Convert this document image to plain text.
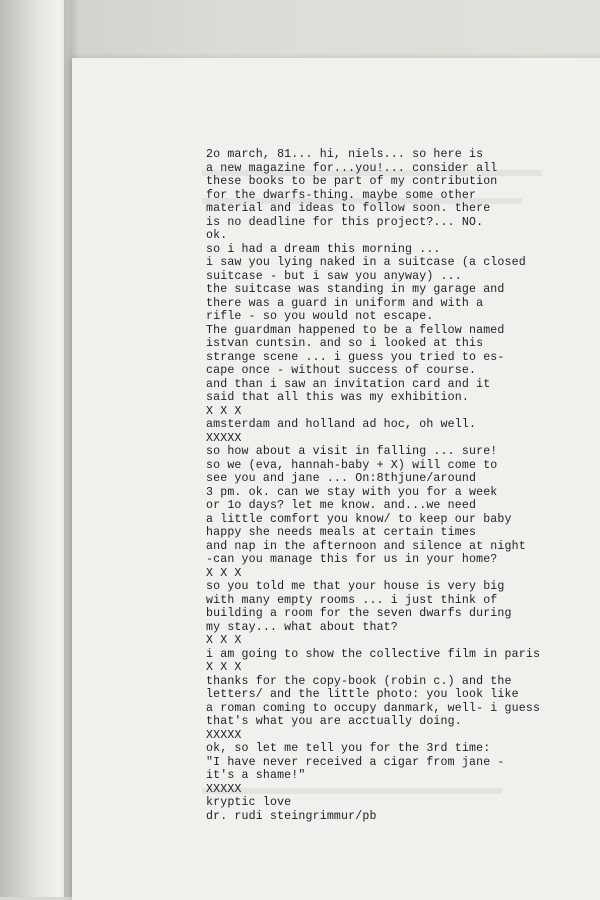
2o march, 81... hi, niels... so here is
a new magazine for...you!... consider all
these books to be part of my contribution
for the dwarfs-thing. maybe some other
material and ideas to follow soon. there
is no deadline for this project?... NO.
ok.
so i had a dream this morning ...
i saw you lying naked in a suitcase (a closed
suitcase - but i saw you anyway) ...
the suitcase was standing in my garage and
there was a guard in uniform and with a
rifle - so you would not escape.
The guardman happened to be a fellow named
istvan cuntsin. and so i looked at this
strange scene ... i guess you tried to es-
cape once - without success of course.
and than i saw an invitation card and it
said that all this was my exhibition.
X X X
amsterdam and holland ad hoc, oh well.
XXXXX
so how about a visit in falling ... sure!
so we (eva, hannah-baby + X) will come to
see you and jane ... On:8thjune/around
3 pm. ok. can we stay with you for a week
or 1o days? let me know. and...we need
a little comfort you know/ to keep our baby
happy she needs meals at certain times
and nap in the afternoon and silence at night
-can you manage this for us in your home?
X X X
so you told me that your house is very big
with many empty rooms ... i just think of
building a room for the seven dwarfs during
my stay... what about that?
X X X
i am going to show the collective film in paris
X X X
thanks for the copy-book (robin c.) and the
letters/ and the little photo: you look like
a roman coming to occupy danmark, well- i guess
that's what you are acctually doing.
XXXXX
ok, so let me tell you for the 3rd time:
"I have never received a cigar from jane -
it's a shame!"
XXXXX
kryptic love
dr. rudi steingrimmur/pb
